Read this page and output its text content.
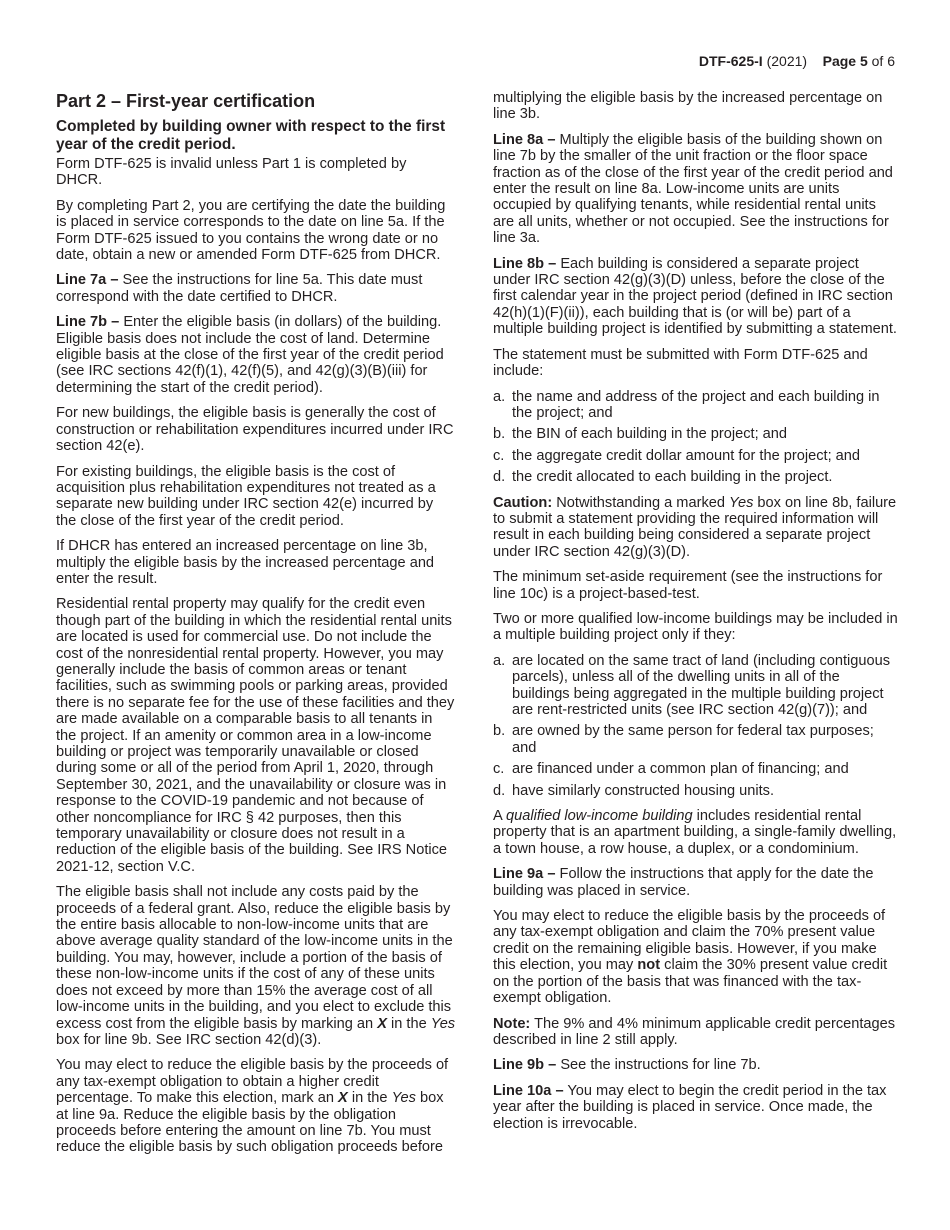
DTF-625-I (2021) Page 5 of 6
Part 2 – First-year certification
Completed by building owner with respect to the first year of the credit period.

Form DTF-625 is invalid unless Part 1 is completed by DHCR.

By completing Part 2, you are certifying the date the building is placed in service corresponds to the date on line 5a. If the Form DTF-625 issued to you contains the wrong date or no date, obtain a new or amended Form DTF-625 from DHCR.

Line 7a – See the instructions for line 5a. This date must correspond with the date certified to DHCR.

Line 7b – Enter the eligible basis (in dollars) of the building. Eligible basis does not include the cost of land. Determine eligible basis at the close of the first year of the credit period (see IRC sections 42(f)(1), 42(f)(5), and 42(g)(3)(B)(iii) for determining the start of the credit period).

For new buildings, the eligible basis is generally the cost of construction or rehabilitation expenditures incurred under IRC section 42(e).

For existing buildings, the eligible basis is the cost of acquisition plus rehabilitation expenditures not treated as a separate new building under IRC section 42(e) incurred by the close of the first year of the credit period.

If DHCR has entered an increased percentage on line 3b, multiply the eligible basis by the increased percentage and enter the result.

Residential rental property may qualify for the credit even though part of the building in which the residential rental units are located is used for commercial use. Do not include the cost of the nonresidential rental property. However, you may generally include the basis of common areas or tenant facilities, such as swimming pools or parking areas, provided there is no separate fee for the use of these facilities and they are made available on a comparable basis to all tenants in the project. If an amenity or common area in a low-income building or project was temporarily unavailable or closed during some or all of the period from April 1, 2020, through September 30, 2021, and the unavailability or closure was in response to the COVID-19 pandemic and not because of other noncompliance for IRC § 42 purposes, then this temporary unavailability or closure does not result in a reduction of the eligible basis of the building. See IRS Notice 2021-12, section V.C.

The eligible basis shall not include any costs paid by the proceeds of a federal grant. Also, reduce the eligible basis by the entire basis allocable to non-low-income units that are above average quality standard of the low-income units in the building. You may, however, include a portion of the basis of these non-low-income units if the cost of any of these units does not exceed by more than 15% the average cost of all low-income units in the building, and you elect to exclude this excess cost from the eligible basis by marking an X in the Yes box for line 9b. See IRC section 42(d)(3).

You may elect to reduce the eligible basis by the proceeds of any tax-exempt obligation to obtain a higher credit percentage. To make this election, mark an X in the Yes box at line 9a. Reduce the eligible basis by the obligation proceeds before entering the amount on line 7b. You must reduce the eligible basis by such obligation proceeds before

multiplying the eligible basis by the increased percentage on line 3b.

Line 8a – Multiply the eligible basis of the building shown on line 7b by the smaller of the unit fraction or the floor space fraction as of the close of the first year of the credit period and enter the result on line 8a. Low-income units are units occupied by qualifying tenants, while residential rental units are all units, whether or not occupied. See the instructions for line 3a.

Line 8b – Each building is considered a separate project under IRC section 42(g)(3)(D) unless, before the close of the first calendar year in the project period (defined in IRC section 42(h)(1)(F)(ii)), each building that is (or will be) part of a multiple building project is identified by submitting a statement.

The statement must be submitted with Form DTF-625 and include:

a. the name and address of the project and each building in the project; and
b. the BIN of each building in the project; and
c. the aggregate credit dollar amount for the project; and
d. the credit allocated to each building in the project.

Caution: Notwithstanding a marked Yes box on line 8b, failure to submit a statement providing the required information will result in each building being considered a separate project under IRC section 42(g)(3)(D).

The minimum set-aside requirement (see the instructions for line 10c) is a project-based-test.

Two or more qualified low-income buildings may be included in a multiple building project only if they:

a. are located on the same tract of land (including contiguous parcels), unless all of the dwelling units in all of the buildings being aggregated in the multiple building project are rent-restricted units (see IRC section 42(g)(7)); and
b. are owned by the same person for federal tax purposes; and
c. are financed under a common plan of financing; and
d. have similarly constructed housing units.

A qualified low-income building includes residential rental property that is an apartment building, a single-family dwelling, a town house, a row house, a duplex, or a condominium.

Line 9a – Follow the instructions that apply for the date the building was placed in service.

You may elect to reduce the eligible basis by the proceeds of any tax-exempt obligation and claim the 70% present value credit on the remaining eligible basis. However, if you make this election, you may not claim the 30% present value credit on the portion of the basis that was financed with the tax-exempt obligation.

Note: The 9% and 4% minimum applicable credit percentages described in line 2 still apply.

Line 9b – See the instructions for line 7b.

Line 10a – You may elect to begin the credit period in the tax year after the building is placed in service. Once made, the election is irrevocable.
